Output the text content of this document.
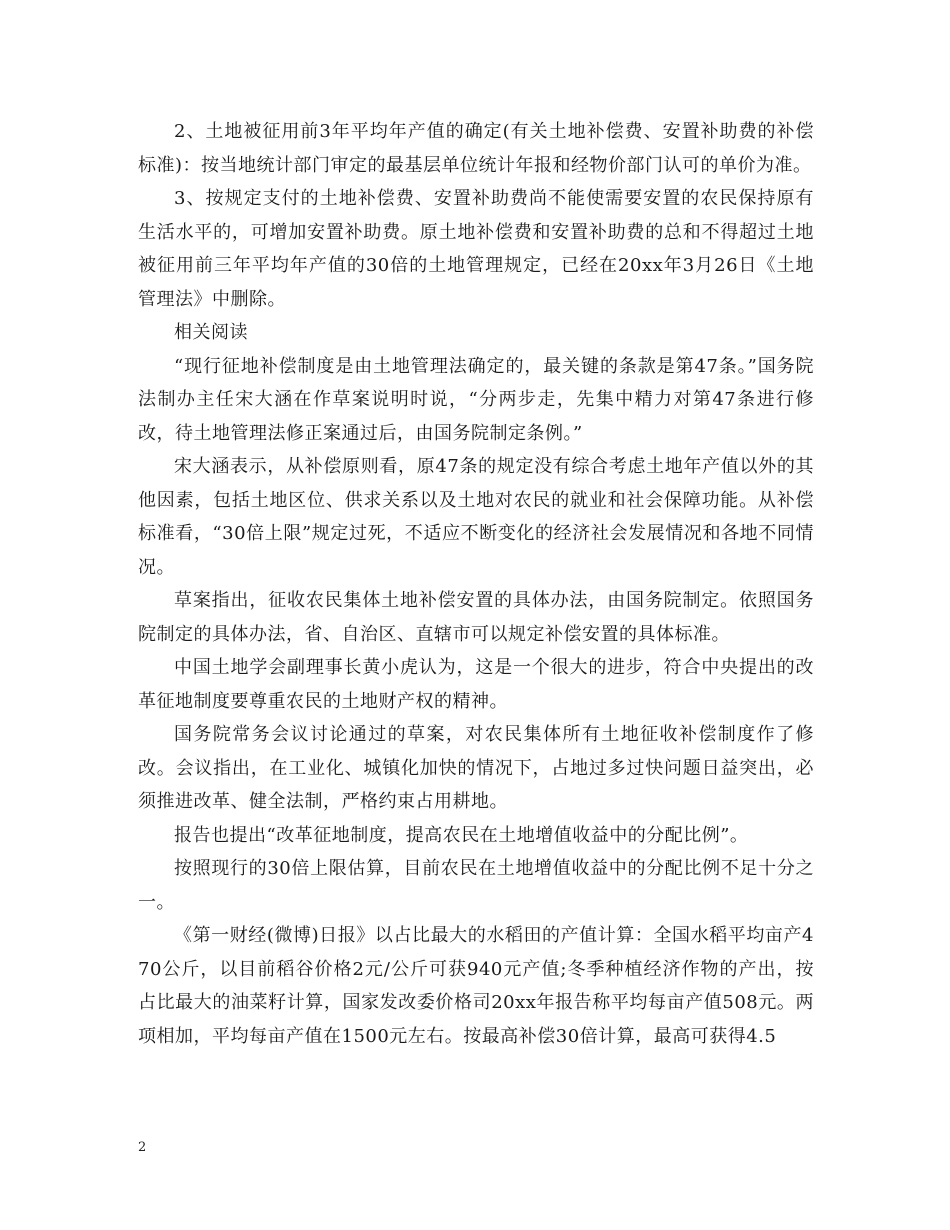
2、土地被征用前3年平均年产值的确定(有关土地补偿费、安置补助费的补偿标准)：按当地统计部门审定的最基层单位统计年报和经物价部门认可的单价为准。

3、按规定支付的土地补偿费、安置补助费尚不能使需要安置的农民保持原有生活水平的，可增加安置补助费。原土地补偿费和安置补助费的总和不得超过土地被征用前三年平均年产值的30倍的土地管理规定，已经在20xx年3月26日《土地管理法》中删除。

相关阅读

“现行征地补偿制度是由土地管理法确定的，最关键的条款是第47条。”国务院法制办主任宋大涵在作草案说明时说，“分两步走，先集中精力对第47条进行修改，待土地管理法修正案通过后，由国务院制定条例。”

宋大涵表示，从补偿原则看，原47条的规定没有综合考虑土地年产值以外的其他因素，包括土地区位、供求关系以及土地对农民的就业和社会保障功能。从补偿标准看，“30倍上限”规定过死，不适应不断变化的经济社会发展情况和各地不同情况。

草案指出，征收农民集体土地补偿安置的具体办法，由国务院制定。依照国务院制定的具体办法，省、自治区、直辖市可以规定补偿安置的具体标准。

中国土地学会副理事长黄小虎认为，这是一个很大的进步，符合中央提出的改革征地制度要尊重农民的土地财产权的精神。

国务院常务会议讨论通过的草案，对农民集体所有土地征收补偿制度作了修改。会议指出，在工业化、城镇化加快的情况下，占地过多过快问题日益突出，必须推进改革、健全法制，严格约束占用耕地。

报告也提出“改革征地制度，提高农民在土地增值收益中的分配比例”。

按照现行的30倍上限估算，目前农民在土地增值收益中的分配比例不足十分之一。

《第一财经(微博)日报》以占比最大的水稻田的产值计算：全国水稻平均亩产470公斤，以目前稻谷价格2元/公斤可获940元产值;冬季种植经济作物的产出，按占比最大的油菜籽计算，国家发改委价格司20xx年报告称平均每亩产值508元。两项相加，平均每亩产值在1500元左右。按最高补偿30倍计算，最高可获得4.5

2
